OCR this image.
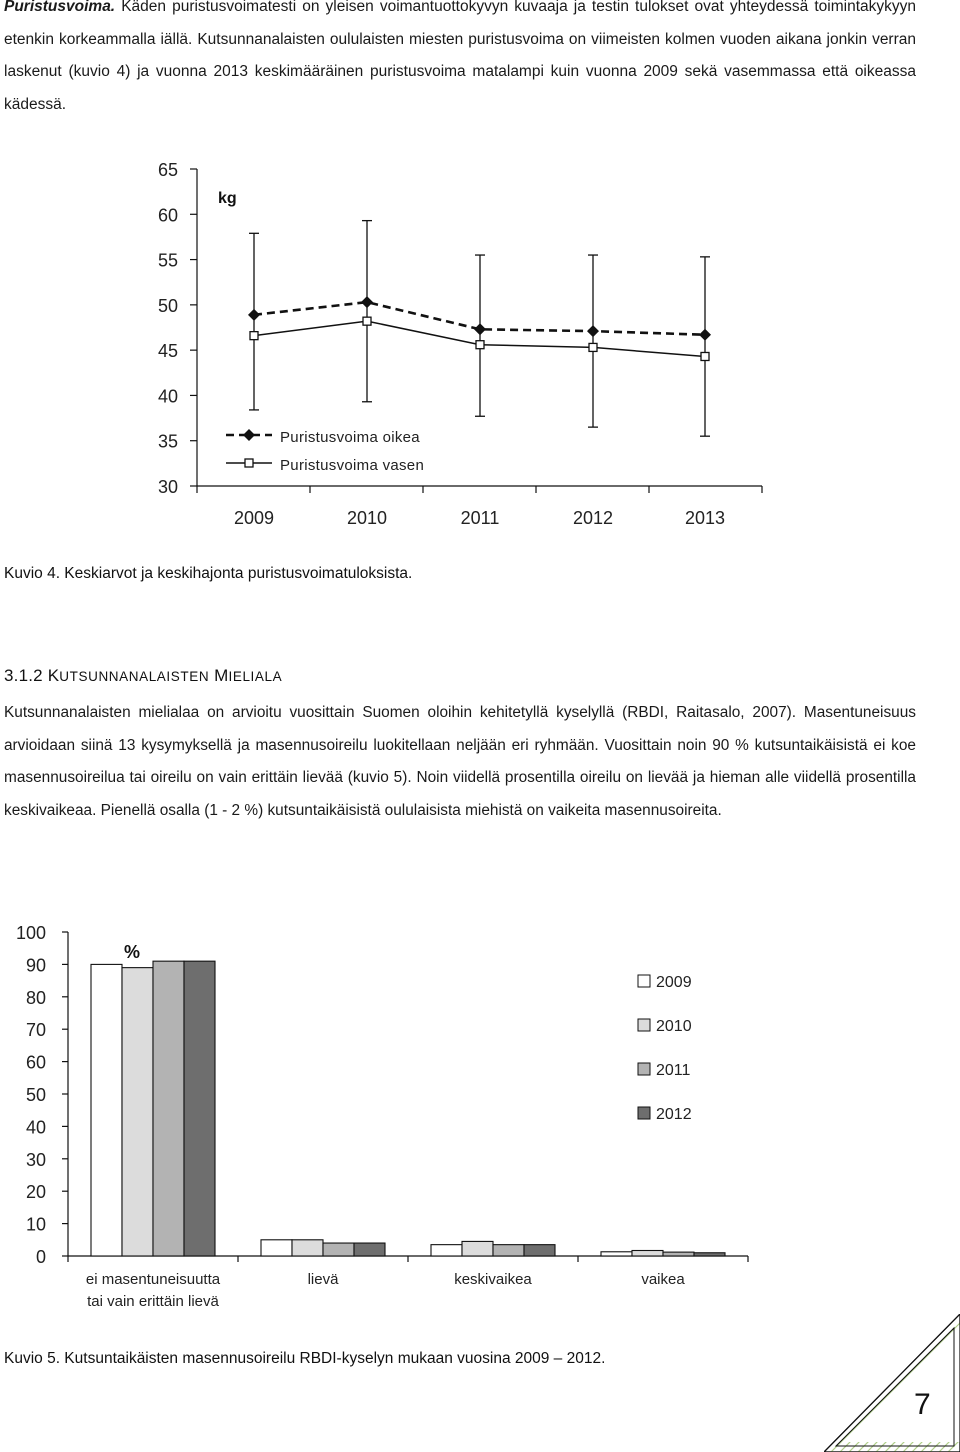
Puristusvoima. Käden puristusvoimatesti on yleisen voimantuottokyvyn kuvaaja ja testin tulokset ovat yhteydessä toimintakykyyn etenkin korkeammalla iällä. Kutsunnanalaisten oululaisten miesten puristusvoima on viimeisten kolmen vuoden aikana jonkin verran laskenut (kuvio 4) ja vuonna 2013 keskimääräinen puristusvoima matalampi kuin vuonna 2009 sekä vasemmassa että oikeassa kädessä.
30
35
40
45
50
55
60
65
2009	2010	2011	2012	2013
kg
Puristusvoima oikea
Puristusvoima vasen
Kuvio 4. Keskiarvot ja keskihajonta puristusvoimatuloksista.
3.1.2 KUTSUNNANALAISTEN MIELIALA
Kutsunnanalaisten mielialaa on arvioitu vuosittain Suomen oloihin kehitetyllä kyselyllä (RBDI, Raitasalo, 2007). Masentuneisuus arvioidaan siinä 13 kysymyksellä ja masennusoireilu luokitellaan neljään eri ryhmään. Vuosittain noin 90 % kutsuntaikäisistä ei koe masennusoireilua tai oireilu on vain erittäin lievää (kuvio 5). Noin viidellä prosentilla oireilu on lievää ja hieman alle viidellä prosentilla keskivaikeaa. Pienellä osalla (1 - 2 %) kutsuntaikäisistä oululaisista miehistä on vaikeita masennusoireita.
0
10
20
30
40
50
60
70
80
90
100
%
ei masentuneisuutta
tai vain erittäin lievä
lievä	keskivaikea	vaikea
2009
2010
2011
2012
Kuvio 5. Kutsuntaikäisten masennusoireilu RBDI-kyselyn mukaan vuosina 2009 – 2012.
7
